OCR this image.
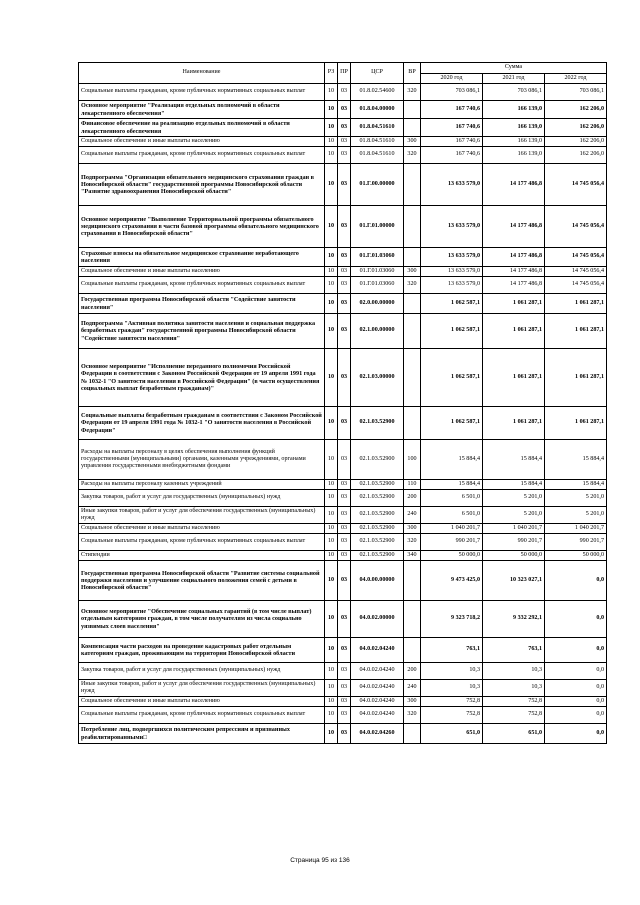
Наименование	РЗ	ПР	ЦСР	ВР	Сумма		
					2020 год	2021 год	2022 год
Социальные выплаты гражданам, кроме публичных нормативных социальных выплат	10	03	01.8.02.54600	320	703 086,1	703 086,1	703 086,1
Основное мероприятие "Реализация отдельных полномочий в области лекарственного обеспечения"	10	03	01.8.04.00000		167 740,6	166 139,0	162 206,0
Финансовое обеспечение на реализацию отдельных полномочий в области лекарственного обеспечения	10	03	01.8.04.51610		167 740,6	166 139,0	162 206,0
Социальное обеспечение и иные выплаты населению	10	03	01.8.04.51610	300	167 740,6	166 139,0	162 206,0
Социальные выплаты гражданам, кроме публичных нормативных социальных выплат	10	03	01.8.04.51610	320	167 740,6	166 139,0	162 206,0
Подпрограмма "Организация обязательного медицинского страхования граждан в Новосибирской области" государственной программы Новосибирской области "Развитие здравоохранения Новосибирской области"	10	03	01.Г.00.00000		13 633 579,0	14 177 486,8	14 745 056,4
Основное мероприятие "Выполнение Территориальной программы обязательного медицинского страхования в части базовой программы обязательного медицинского страхования в Новосибирской области"	10	03	01.Г.01.00000		13 633 579,0	14 177 486,8	14 745 056,4
Страховые взносы на обязательное медицинское страхование неработающего населения	10	03	01.Г.01.03060		13 633 579,0	14 177 486,8	14 745 056,4
Социальное обеспечение и иные выплаты населению	10	03	01.Г.01.03060	300	13 633 579,0	14 177 486,8	14 745 056,4
Социальные выплаты гражданам, кроме публичных нормативных социальных выплат	10	03	01.Г.01.03060	320	13 633 579,0	14 177 486,8	14 745 056,4
Государственная программа Новосибирской области "Содействие занятости населения"	10	03	02.0.00.00000		1 062 587,1	1 061 287,1	1 061 287,1
Подпрограмма "Активная политика занятости населения и социальная поддержка безработных граждан" государственной программы Новосибирской области "Содействие занятости населения"	10	03	02.1.00.00000		1 062 587,1	1 061 287,1	1 061 287,1
Основное мероприятие "Исполнение переданного полномочия Российской Федерации в соответствии с Законом Российской Федерации от 19 апреля 1991 года № 1032-1 "О занятости населения в Российской Федерации" (в части осуществления социальных выплат безработным гражданам)"	10	03	02.1.03.00000		1 062 587,1	1 061 287,1	1 061 287,1
Социальные выплаты безработным гражданам в соответствии с Законом Российской Федерации от 19 апреля 1991 года № 1032-1 "О занятости населения в Российской Федерации"	10	03	02.1.03.52900		1 062 587,1	1 061 287,1	1 061 287,1
Расходы на выплаты персоналу в целях обеспечения выполнения функций государственными (муниципальными) органами, казенными учреждениями, органами управления государственными внебюджетными фондами	10	03	02.1.03.52900	100	15 884,4	15 884,4	15 884,4
Расходы на выплаты персоналу казенных учреждений	10	03	02.1.03.52900	110	15 884,4	15 884,4	15 884,4
Закупка товаров, работ и услуг для государственных (муниципальных) нужд	10	03	02.1.03.52900	200	6 501,0	5 201,0	5 201,0
Иные закупки товаров, работ и услуг для обеспечения государственных (муниципальных) нужд	10	03	02.1.03.52900	240	6 501,0	5 201,0	5 201,0
Социальное обеспечение и иные выплаты населению	10	03	02.1.03.52900	300	1 040 201,7	1 040 201,7	1 040 201,7
Социальные выплаты гражданам, кроме публичных нормативных социальных выплат	10	03	02.1.03.52900	320	990 201,7	990 201,7	990 201,7
Стипендии	10	03	02.1.03.52900	340	50 000,0	50 000,0	50 000,0
Государственная программа Новосибирской области "Развитие системы социальной поддержки населения и улучшение социального положения семей с детьми в Новосибирской области"	10	03	04.0.00.00000		9 473 425,0	10 323 027,1	0,0
Основное мероприятие "Обеспечение социальных гарантий (в том числе выплат) отдельным категориям граждан, в том числе получателям из числа социально уязвимых слоев населения"	10	03	04.0.02.00000		9 323 718,2	9 332 292,1	0,0
Компенсация части расходов на проведение кадастровых работ отдельным категориям граждан, проживающим на территории Новосибирской области	10	03	04.0.02.04240		763,1	763,1	0,0
Закупка товаров, работ и услуг для государственных (муниципальных) нужд	10	03	04.0.02.04240	200	10,3	10,3	0,0
Иные закупки товаров, работ и услуг для обеспечения государственных (муниципальных) нужд	10	03	04.0.02.04240	240	10,3	10,3	0,0
Социальное обеспечение и иные выплаты населению	10	03	04.0.02.04240	300	752,8	752,8	0,0
Социальные выплаты гражданам, кроме публичных нормативных социальных выплат	10	03	04.0.02.04240	320	752,8	752,8	0,0
Потребление лиц, подвергшихся политическим репрессиям и признанных реабилитированными□	10	03	04.0.02.04260		651,0	651,0	0,0
Страница 95 из 136
